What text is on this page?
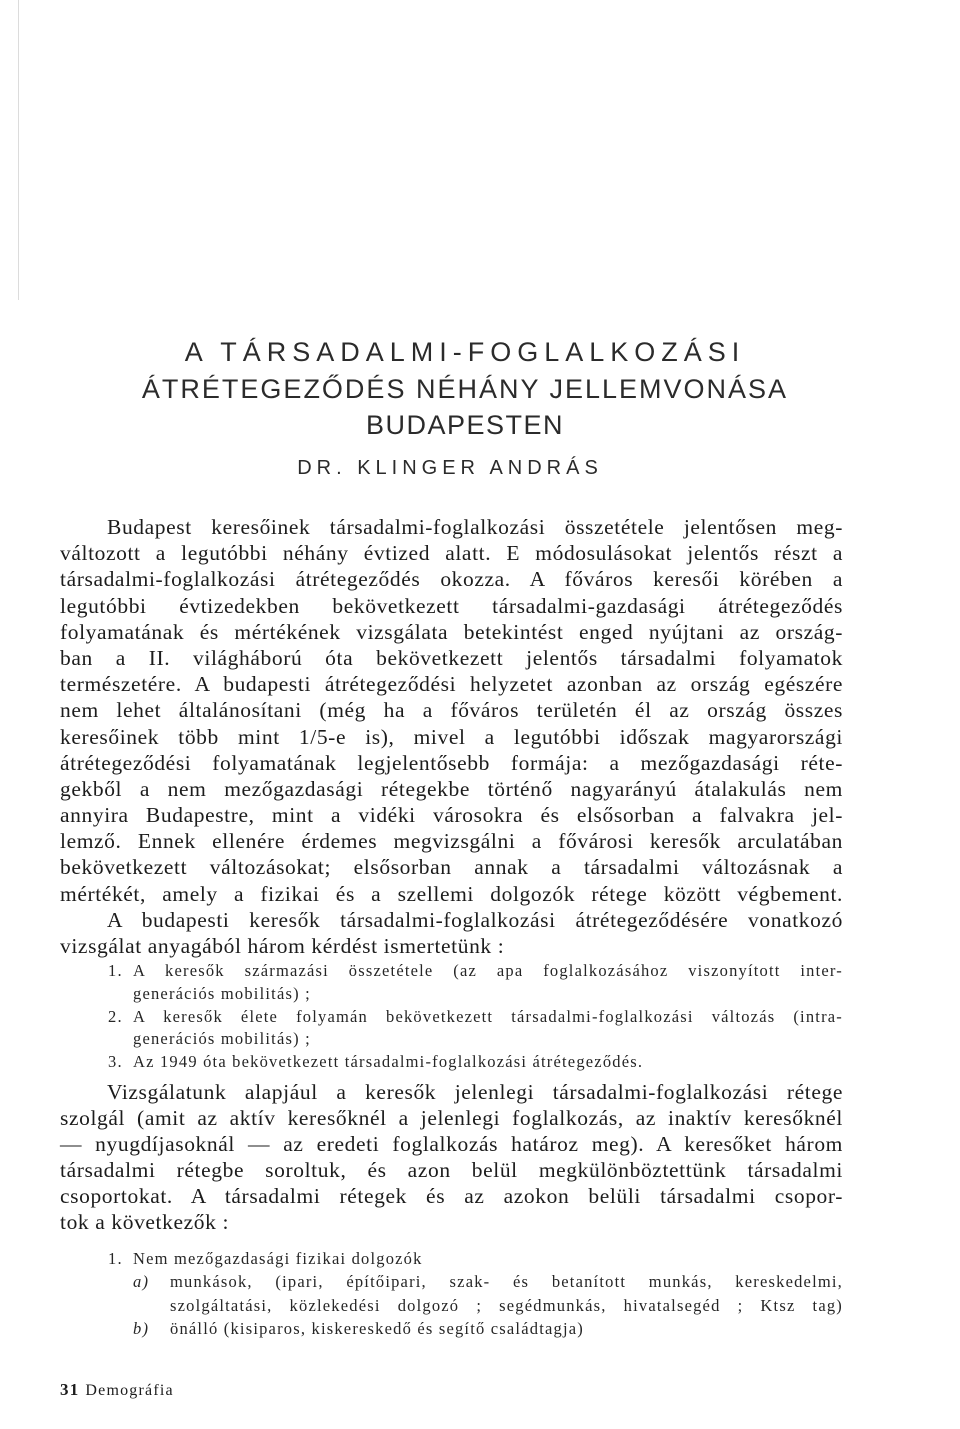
A TÁRSADALMI-FOGLALKOZÁSI
ÁTRÉTEGEZŐDÉS NÉHÁNY JELLEMVONÁSA
BUDAPESTEN
DR. KLINGER ANDRÁS
Budapest keresőinek társadalmi-foglalkozási összetétele jelentősen meg-
változott a legutóbbi néhány évtized alatt. E módosulásokat jelentős részt a
társadalmi-foglalkozási átrétegeződés okozza. A főváros keresői körében a
legutóbbi évtizedekben bekövetkezett társadalmi-gazdasági átrétegeződés
folyamatának és mértékének vizsgálata betekintést enged nyújtani az ország-
ban a II. világháború óta bekövetkezett jelentős társadalmi folyamatok
természetére. A budapesti átrétegeződési helyzetet azonban az ország egészére
nem lehet általánosítani (még ha a főváros területén él az ország összes
keresőinek több mint 1/5-e is), mivel a legutóbbi időszak magyarországi
átrétegeződési folyamatának legjelentősebb formája: a mezőgazdasági réte-
gekből a nem mezőgazdasági rétegekbe történő nagyarányú átalakulás nem
annyira Budapestre, mint a vidéki városokra és elsősorban a falvakra jel-
lemző. Ennek ellenére érdemes megvizsgálni a fővárosi keresők arculatában
bekövetkezett változásokat; elsősorban annak a társadalmi változásnak a
mértékét, amely a fizikai és a szellemi dolgozók rétege között végbement.
A budapesti keresők társadalmi-foglalkozási átrétegeződésére vonatkozó
vizsgálat anyagából három kérdést ismertetünk :
1. A keresők származási összetétele (az apa foglalkozásához viszonyított inter-
generációs mobilitás) ;
2. A keresők élete folyamán bekövetkezett társadalmi-foglalkozási változás (intra-
generációs mobilitás) ;
3. Az 1949 óta bekövetkezett társadalmi-foglalkozási átrétegeződés.
Vizsgálatunk alapjául a keresők jelenlegi társadalmi-foglalkozási rétege
szolgál (amit az aktív keresőknél a jelenlegi foglalkozás, az inaktív keresőknél
— nyugdíjasoknál — az eredeti foglalkozás határoz meg). A keresőket három
társadalmi rétegbe soroltuk, és azon belül megkülönböztettünk társadalmi
csoportokat. A társadalmi rétegek és az azokon belüli társadalmi csopor-
tok a következők :
1. Nem mezőgazdasági fizikai dolgozók
a)	munkások, (ipari, építőipari, szak- és betanított munkás, kereskedelmi,
szolgáltatási, közlekedési dolgozó ; segédmunkás, hivatalsegéd ; Ktsz tag)
b)	önálló (kisiparos, kiskereskedő és segítő családtagja)
31 Demográfia
